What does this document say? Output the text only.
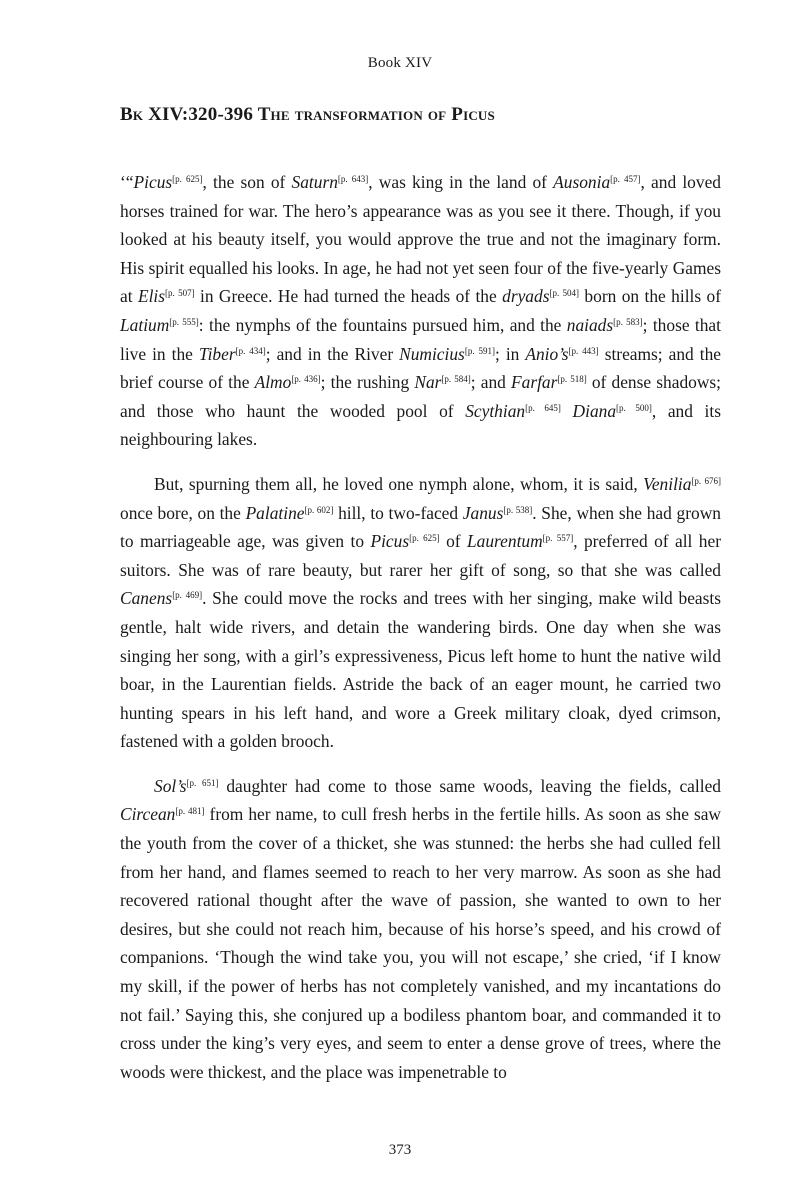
Book XIV
Bk XIV:320-396 The transformation of Picus

‘“Picus[p. 625], the son of Saturn[p. 643], was king in the land of Ausonia[p. 457], and loved horses trained for war. The hero’s appearance was as you see it there. Though, if you looked at his beauty itself, you would approve the true and not the imaginary form. His spirit equalled his looks. In age, he had not yet seen four of the five-yearly Games at Elis[p. 507] in Greece. He had turned the heads of the dryads[p. 504] born on the hills of Latium[p. 555]: the nymphs of the fountains pursued him, and the naiads[p. 583]; those that live in the Tiber[p. 434]; and in the River Numicius[p. 591]; in Anio’s[p. 443] streams; and the brief course of the Almo[p. 436]; the rushing Nar[p. 584]; and Farfar[p. 518] of dense shadows; and those who haunt the wooded pool of Scythian[p. 645] Diana[p. 500], and its neighbouring lakes.

But, spurning them all, he loved one nymph alone, whom, it is said, Venilia[p. 676] once bore, on the Palatine[p. 602] hill, to two-faced Janus[p. 538]. She, when she had grown to marriageable age, was given to Picus[p. 625] of Laurentum[p. 557], preferred of all her suitors. She was of rare beauty, but rarer her gift of song, so that she was called Canens[p. 469]. She could move the rocks and trees with her singing, make wild beasts gentle, halt wide rivers, and detain the wandering birds. One day when she was singing her song, with a girl’s expressiveness, Picus left home to hunt the native wild boar, in the Laurentian fields. Astride the back of an eager mount, he carried two hunting spears in his left hand, and wore a Greek military cloak, dyed crimson, fastened with a golden brooch.

Sol’s[p. 651] daughter had come to those same woods, leaving the fields, called Circean[p. 481] from her name, to cull fresh herbs in the fertile hills. As soon as she saw the youth from the cover of a thicket, she was stunned: the herbs she had culled fell from her hand, and flames seemed to reach to her very marrow. As soon as she had recovered rational thought after the wave of passion, she wanted to own to her desires, but she could not reach him, because of his horse’s speed, and his crowd of companions. ‘Though the wind take you, you will not escape,’ she cried, ‘if I know my skill, if the power of herbs has not completely vanished, and my incantations do not fail.’ Saying this, she conjured up a bodiless phantom boar, and commanded it to cross under the king’s very eyes, and seem to enter a dense grove of trees, where the woods were thickest, and the place was impenetrable to

373
